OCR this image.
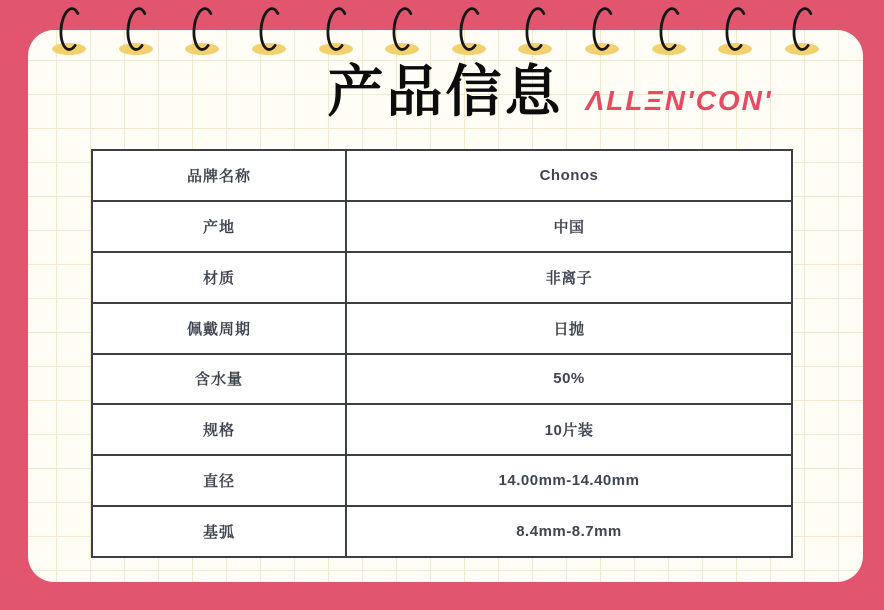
产品信息 ΛLLΞN'CON'
品牌名称	Chonos
产地	中国
材质	非离子
佩戴周期	日抛
含水量	50%
规格	10片装
直径	14.00mm-14.40mm
基弧	8.4mm-8.7mm
